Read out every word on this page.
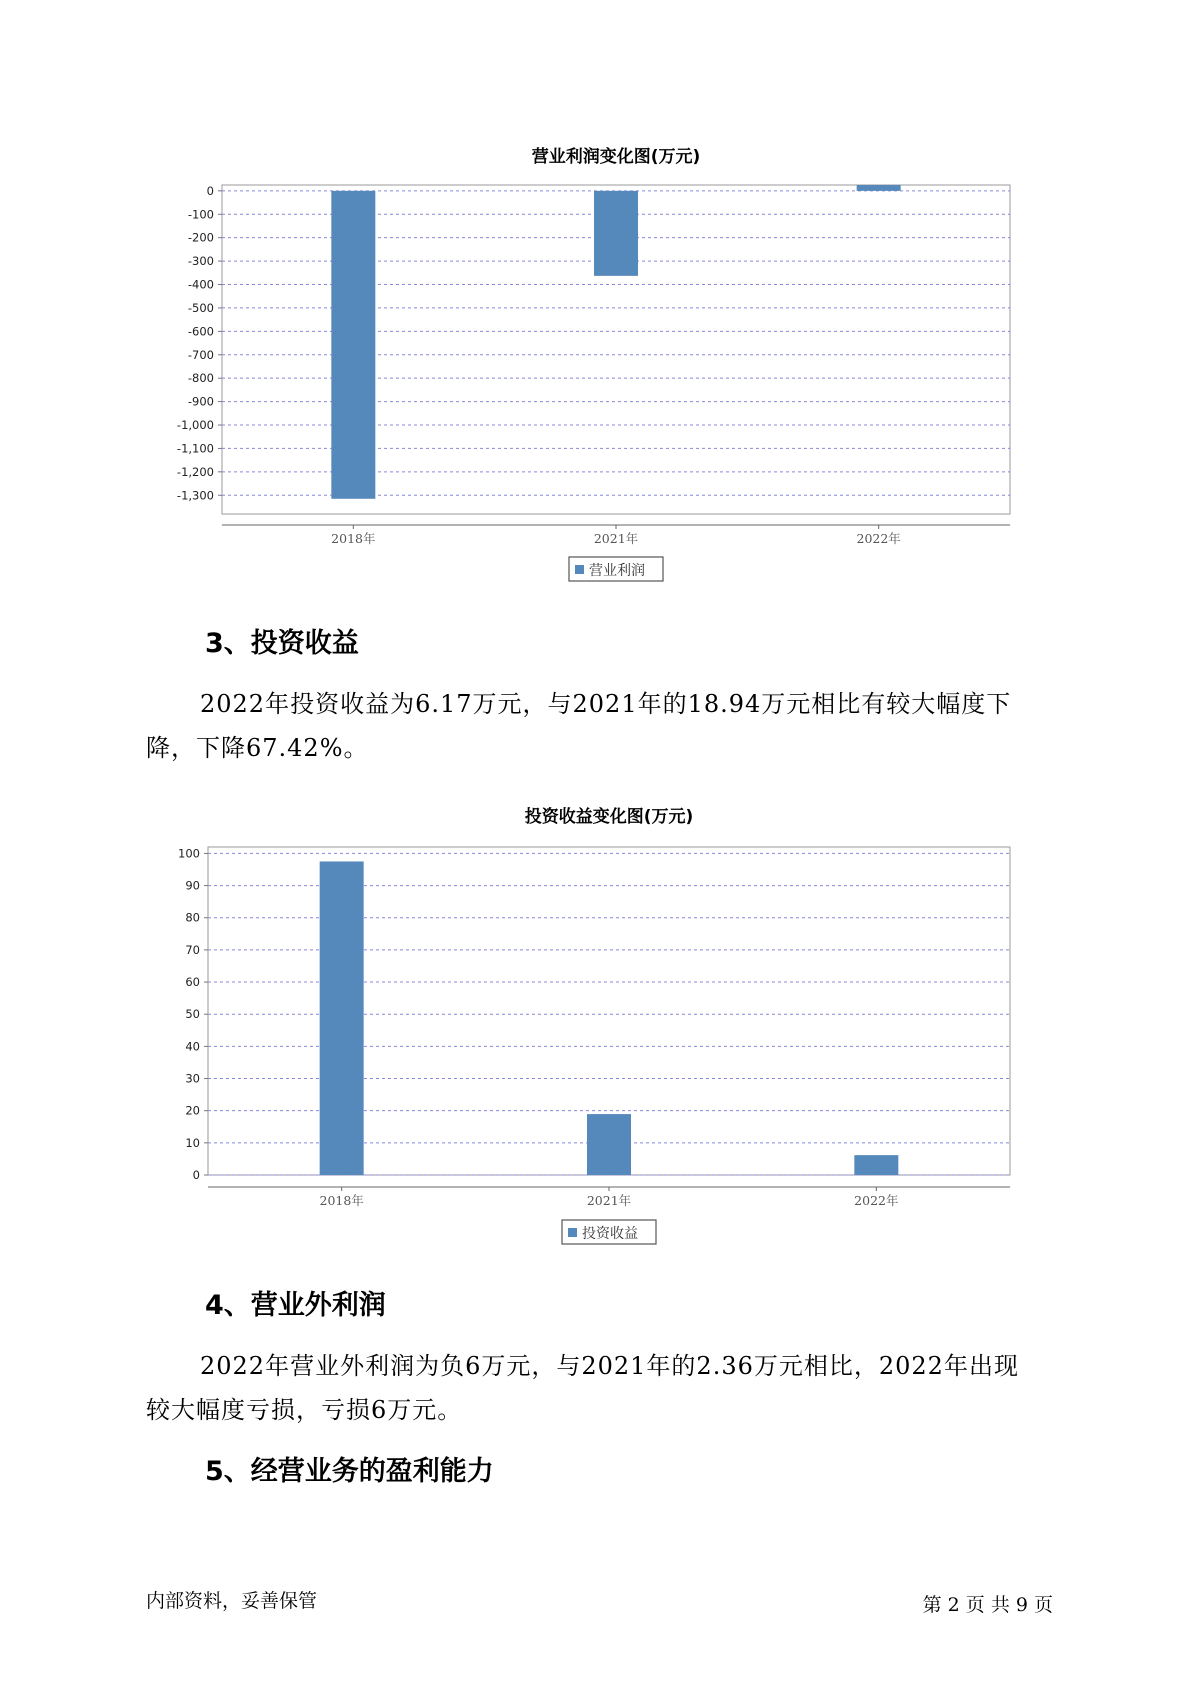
营业利润变化图(万元)
0
-100
-200
-300
-400
-500
-600
-700
-800
-900
-1,000
-1,100
-1,200
-1,300
2018年	2021年	2022年
营业利润
3、投资收益

2022年投资收益为6.17万元，与2021年的18.94万元相比有较大幅度下
降，下降67.42%。

投资收益变化图(万元)
0
10
20
30
40
50
60
70
80
90
100
2018年	2021年	2022年
投资收益
4、营业外利润

2022年营业外利润为负6万元，与2021年的2.36万元相比，2022年出现
较大幅度亏损，亏损6万元。

5、经营业务的盈利能力
内部资料，妥善保管	第 2 页 共 9 页
